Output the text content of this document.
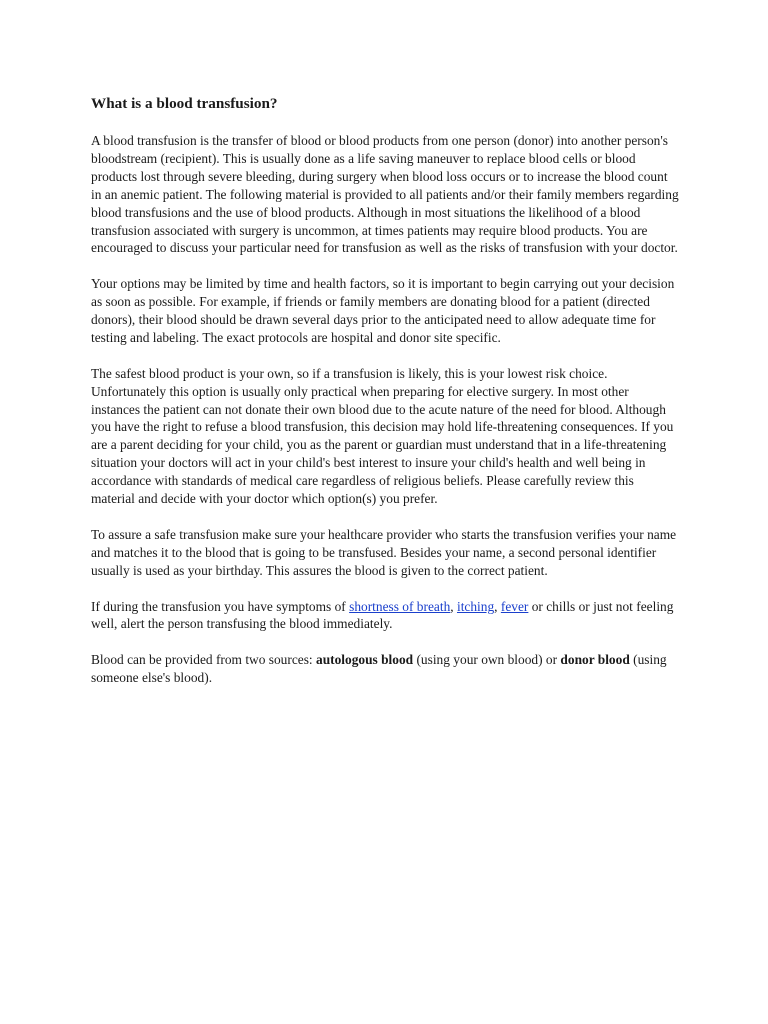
What is a blood transfusion?

A blood transfusion is the transfer of blood or blood products from one person (donor) into another person's bloodstream (recipient). This is usually done as a life saving maneuver to replace blood cells or blood products lost through severe bleeding, during surgery when blood loss occurs or to increase the blood count in an anemic patient. The following material is provided to all patients and/or their family members regarding blood transfusions and the use of blood products. Although in most situations the likelihood of a blood transfusion associated with surgery is uncommon, at times patients may require blood products. You are encouraged to discuss your particular need for transfusion as well as the risks of transfusion with your doctor.

Your options may be limited by time and health factors, so it is important to begin carrying out your decision as soon as possible. For example, if friends or family members are donating blood for a patient (directed donors), their blood should be drawn several days prior to the anticipated need to allow adequate time for testing and labeling. The exact protocols are hospital and donor site specific.

The safest blood product is your own, so if a transfusion is likely, this is your lowest risk choice. Unfortunately this option is usually only practical when preparing for elective surgery. In most other instances the patient can not donate their own blood due to the acute nature of the need for blood. Although you have the right to refuse a blood transfusion, this decision may hold life-threatening consequences. If you are a parent deciding for your child, you as the parent or guardian must understand that in a life-threatening situation your doctors will act in your child's best interest to insure your child's health and well being in accordance with standards of medical care regardless of religious beliefs. Please carefully review this material and decide with your doctor which option(s) you prefer.

To assure a safe transfusion make sure your healthcare provider who starts the transfusion verifies your name and matches it to the blood that is going to be transfused. Besides your name, a second personal identifier usually is used as your birthday. This assures the blood is given to the correct patient.

If during the transfusion you have symptoms of shortness of breath, itching, fever or chills or just not feeling well, alert the person transfusing the blood immediately.

Blood can be provided from two sources: autologous blood (using your own blood) or donor blood (using someone else's blood).
